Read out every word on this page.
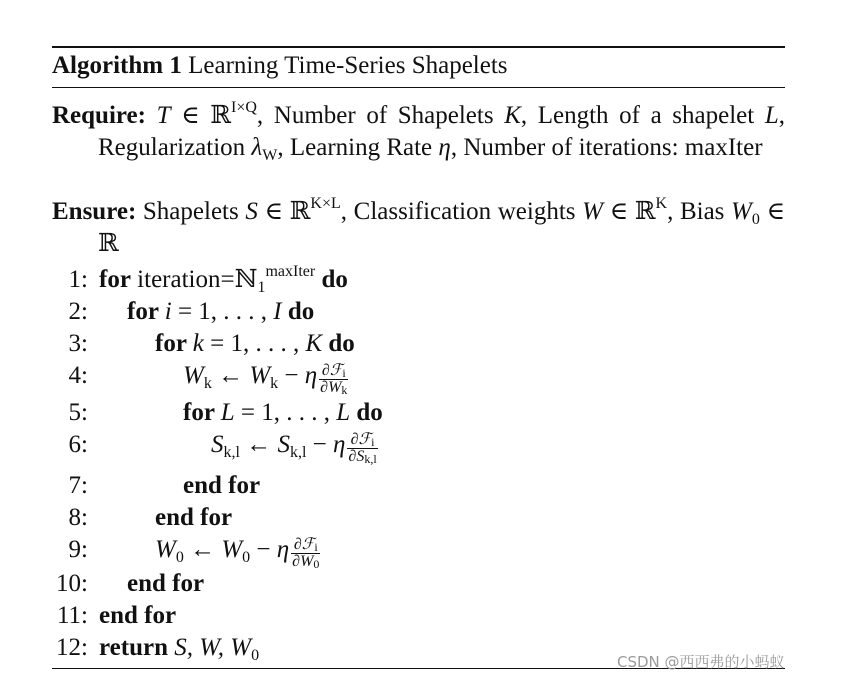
Algorithm 1 Learning Time-Series Shapelets
Require: T ∈ ℝ$^{I\times Q}$, Number of Shapelets K, Length of a shapelet L, Regularization $\lambda_W$, Learning Rate η, Number of iterations: maxIter
Ensure: Shapelets S ∈ ℝ$^{K\times L}$, Classification weights W ∈ ℝ$^K$, Bias $W_0$ ∈ ℝ
1: for iteration=ℕ$_1^{maxIter}$ do
2: for i = 1, . . . , I do
3:	for k = 1, . . . , K do
4:	$W_k$ ← $W_k - \eta \frac{\text{∂ℱi}}{\partial Wk}$
5:	for L = 1, . . . , L do
6:	$S_{k,l}$ ← $S_{k,l} - \eta \frac{\text{∂ℱi}}{\partial Sk,l}$
7:	end for
8:	end for
9:	$W_0$ ← $W_0 - \eta \frac{\text{∂ℱi}}{\partial W0}$
10: end for
11: end for
12: return S, W, $W_0$	CSDN @西西弗的小蚂蚁
